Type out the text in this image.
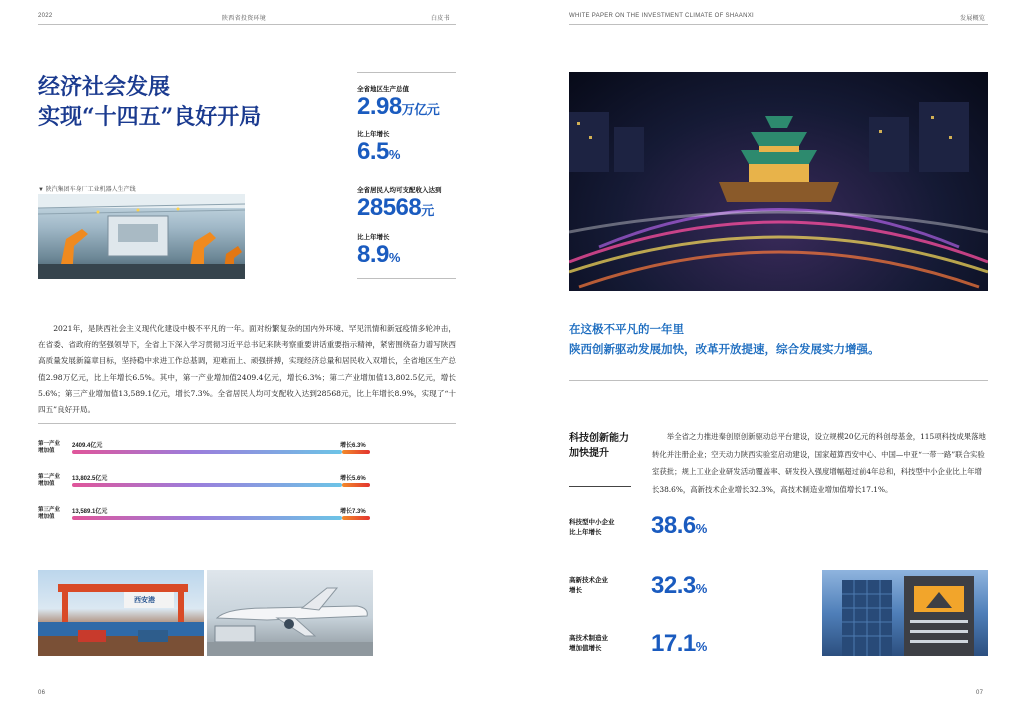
2022	陕西省投资环境	白皮书
经济社会发展
实现“十四五”良好开局
全省地区生产总值
2.98万亿元
比上年增长
6.5%
全省居民人均可支配收入达到
28568元
比上年增长
8.9%
▼ 陕汽集团车身厂工业机器人生产线
2021年，是陕西社会主义现代化建设中极不平凡的一年。面对纷繁复杂的国内外环境、罕见汛情和新冠疫情多轮冲击，在省委、省政府的坚强领导下，全省上下深入学习贯彻习近平总书记来陕考察重要讲话重要指示精神，紧密围绕奋力谱写陕西高质量发展新篇章目标，坚持稳中求进工作总基调，迎难而上、顽强拼搏，实现经济总量和居民收入双增长，全省地区生产总值2.98万亿元，比上年增长6.5%。其中，第一产业增加值2409.4亿元，增长6.3%；第二产业增加值13,802.5亿元，增长5.6%；第三产业增加值13,589.1亿元，增长7.3%。全省居民人均可支配收入达到28568元，比上年增长8.9%，实现了“十四五”良好开局。
第一产业
增加值
2409.4亿元	增长6.3%
第二产业
增加值
13,802.5亿元	增长5.6%
第三产业
增加值
13,589.1亿元	增长7.3%
西安港
06
WHITE PAPER ON THE INVESTMENT CLIMATE OF SHAANXI	发展概览
在这极不平凡的一年里
陕西创新驱动发展加快，改革开放提速，综合发展实力增强。
科技创新能力
加快提升
举全省之力推进秦创原创新驱动总平台建设，设立规模20亿元的科创母基金，115项科技成果落地转化并注册企业；空天动力陕西实验室启动建设，国家超算西安中心、中国—中亚“一带一路”联合实验室获批；规上工业企业研发活动覆盖率、研发投入强度增幅超过前4年总和，科技型中小企业比上年增长38.6%，高新技术企业增长32.3%，高技术制造业增加值增长17.1%。
科技型中小企业
比上年增长	38.6%
高新技术企业
增长	32.3%
高技术制造业
增加值增长 17.1%
07
